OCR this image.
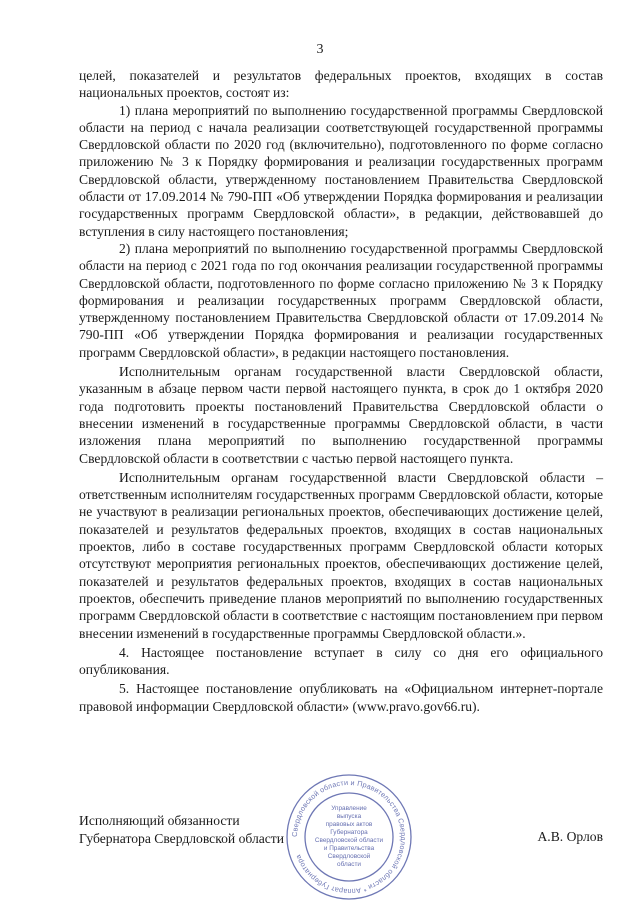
3

целей, показателей и результатов федеральных проектов, входящих в состав национальных проектов, состоят из:

1) плана мероприятий по выполнению государственной программы Свердловской области на период с начала реализации соответствующей государственной программы Свердловской области по 2020 год (включительно), подготовленного по форме согласно приложению № 3 к Порядку формирования и реализации государственных программ Свердловской области, утвержденному постановлением Правительства Свердловской области от 17.09.2014 № 790-ПП «Об утверждении Порядка формирования и реализации государственных программ Свердловской области», в редакции, действовавшей до вступления в силу настоящего постановления;

2) плана мероприятий по выполнению государственной программы Свердловской области на период с 2021 года по год окончания реализации государственной программы Свердловской области, подготовленного по форме согласно приложению № 3 к Порядку формирования и реализации государственных программ Свердловской области, утвержденному постановлением Правительства Свердловской области от 17.09.2014 № 790-ПП «Об утверждении Порядка формирования и реализации государственных программ Свердловской области», в редакции настоящего постановления.

Исполнительным органам государственной власти Свердловской области, указанным в абзаце первом части первой настоящего пункта, в срок до 1 октября 2020 года подготовить проекты постановлений Правительства Свердловской области о внесении изменений в государственные программы Свердловской области, в части изложения плана мероприятий по выполнению государственной программы Свердловской области в соответствии с частью первой настоящего пункта.

Исполнительным органам государственной власти Свердловской области – ответственным исполнителям государственных программ Свердловской области, которые не участвуют в реализации региональных проектов, обеспечивающих достижение целей, показателей и результатов федеральных проектов, входящих в состав национальных проектов, либо в составе государственных программ Свердловской области которых отсутствуют мероприятия региональных проектов, обеспечивающих достижение целей, показателей и результатов федеральных проектов, входящих в состав национальных проектов, обеспечить приведение планов мероприятий по выполнению государственных программ Свердловской области в соответствие с настоящим постановлением при первом внесении изменений в государственные программы Свердловской области.».

4. Настоящее постановление вступает в силу со дня его официального опубликования.

5. Настоящее постановление опубликовать на «Официальном интернет-портале правовой информации Свердловской области» (www.pravo.gov66.ru).

Исполняющий обязанности
Губернатора Свердловской области	А.В. Орлов
Свердловской области и Правительства Свердловской области * Аппарат Губернатора
Управление
выпуска
правовых актов
Губернатора
Свердловской области
и Правительства
Свердловской
области
